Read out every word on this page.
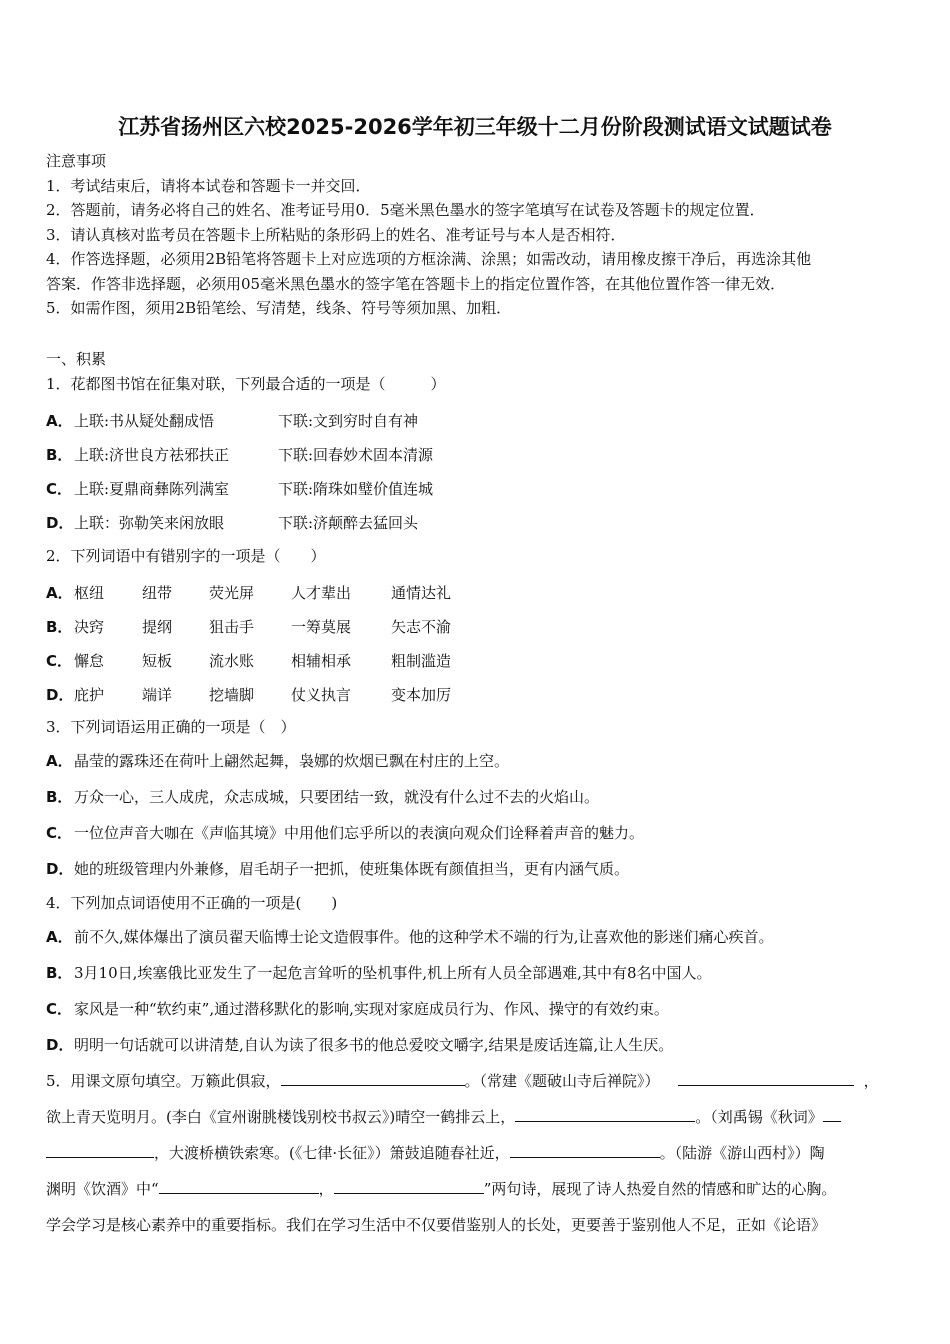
江苏省扬州区六校2025-2026学年初三年级十二月份阶段测试语文试题试卷
注意事项
1．考试结束后，请将本试卷和答题卡一并交回．
2．答题前，请务必将自己的姓名、准考证号用0．5毫米黑色墨水的签字笔填写在试卷及答题卡的规定位置．
3．请认真核对监考员在答题卡上所粘贴的条形码上的姓名、准考证号与本人是否相符．
4．作答选择题，必须用2B铅笔将答题卡上对应选项的方框涂满、涂黑；如需改动，请用橡皮擦干净后，再选涂其他
答案．作答非选择题，必须用05毫米黑色墨水的签字笔在答题卡上的指定位置作答，在其他位置作答一律无效．
5．如需作图，须用2B铅笔绘、写清楚，线条、符号等须加黑、加粗．
一、积累
1．花都图书馆在征集对联，下列最合适的一项是（　　　）
A． 上联:书从疑处翻成悟	下联:文到穷时自有神
B． 上联:济世良方祛邪扶正	下联:回春妙术固本清源
C． 上联:夏鼎商彝陈列满室	下联:隋珠如璧价值连城
D． 上联：弥勒笑来闲放眼	下联:济颠醉去猛回头
2．下列词语中有错别字的一项是（　　）
A． 枢纽	纽带	荧光屏	人才辈出	通情达礼
B． 决窍	提纲	狙击手	一筹莫展	矢志不渝
C． 懈怠	短板	流水账	相辅相承	粗制滥造
D． 庇护	端详	挖墙脚	仗义执言	变本加厉
3．下列词语运用正确的一项是（　）
A． 晶莹的露珠还在荷叶上翩然起舞，袅娜的炊烟已飘在村庄的上空。
B． 万众一心，三人成虎，众志成城，只要团结一致，就没有什么过不去的火焰山。
C． 一位位声音大咖在《声临其境》中用他们忘乎所以的表演向观众们诠释着声音的魅力。
D． 她的班级管理内外兼修，眉毛胡子一把抓，使班集体既有颜值担当，更有内涵气质。
4．下列加点词语使用不正确的一项是(　　)
A． 前不久,媒体爆出了演员翟天临博士论文造假事件。他的这种学术不端的行为,让喜欢他的影迷们痛心疾首。
B． 3月10日,埃塞俄比亚发生了一起危言耸听的坠机事件,机上所有人员全部遇难,其中有8名中国人。
C． 家风是一种“软约束”,通过潜移默化的影响,实现对家庭成员行为、作风、操守的有效约束。
D． 明明一句话就可以讲清楚,自认为读了很多书的他总爱咬文嚼字,结果是废话连篇,让人生厌。
5．用课文原句填空。万籁此俱寂，	。（常建《题破山寺后禅院》）	，
欲上青天览明月。(李白《宣州谢朓楼饯别校书叔云》)晴空一鹤排云上，	。（刘禹锡《秋词》
，大渡桥横铁索寒。(《七律·长征》）箫鼓追随春社近，	。（陆游《游山西村》）陶
渊明《饮酒》中“	，	”两句诗，展现了诗人热爱自然的情感和旷达的心胸。
学会学习是核心素养中的重要指标。我们在学习生活中不仅要借鉴别人的长处，更要善于鉴别他人不足，正如《论语》
